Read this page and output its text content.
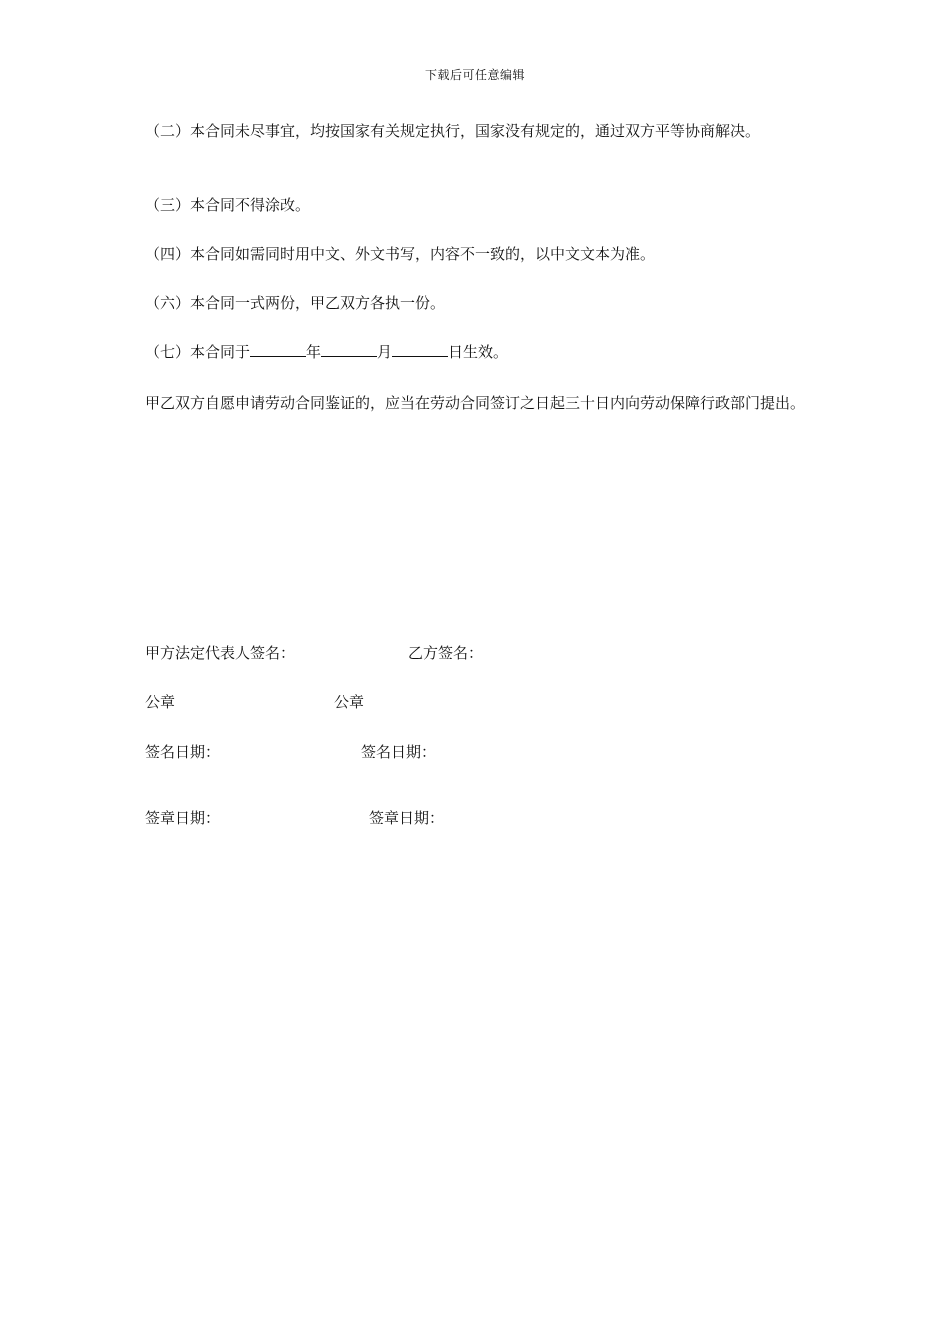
下载后可任意编辑
（二）本合同未尽事宜，均按国家有关规定执行，国家没有规定的，通过双方平等协商解决。
（三）本合同不得涂改。
（四）本合同如需同时用中文、外文书写，内容不一致的，以中文文本为准。
（六）本合同一式两份，甲乙双方各执一份。
（七）本合同于	年	月	日生效。
甲乙双方自愿申请劳动合同鉴证的，应当在劳动合同签订之日起三十日内向劳动保障行政部门提出。
甲方法定代表人签名：	乙方签名：
公章	公章
签名日期：	签名日期：
签章日期：	签章日期：
